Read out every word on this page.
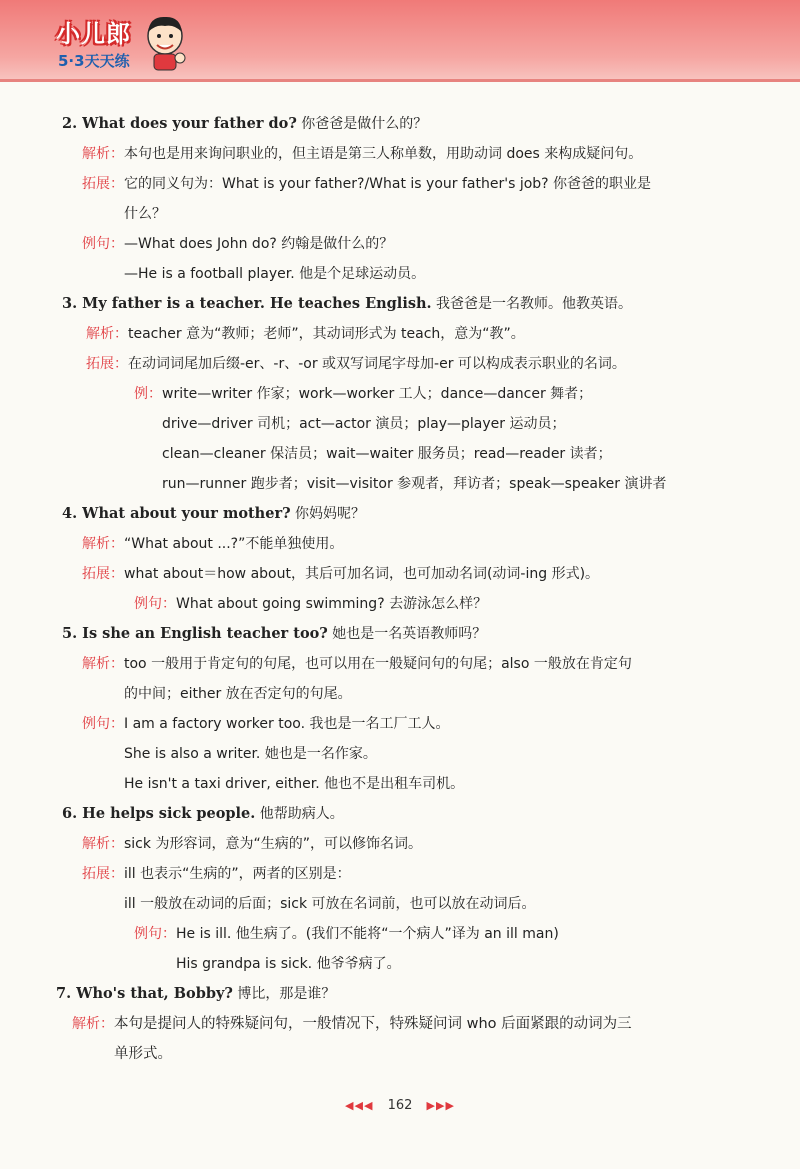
小儿郎
5·3天天练
2. What does your father do? 你爸爸是做什么的？
解析： 本句也是用来询问职业的，但主语是第三人称单数，用助动词 does 来构成疑问句。
拓展： 它的同义句为：What is your father?/What is your father's job? 你爸爸的职业是
什么？
例句： —What does John do? 约翰是做什么的？
—He is a football player. 他是个足球运动员。
3. My father is a teacher. He teaches English. 我爸爸是一名教师。他教英语。
解析： teacher 意为“教师；老师”，其动词形式为 teach，意为“教”。
拓展： 在动词词尾加后缀-er、-r、-or 或双写词尾字母加-er 可以构成表示职业的名词。
例： write—writer 作家；work—worker 工人；dance—dancer 舞者；
drive—driver 司机；act—actor 演员；play—player 运动员；
clean—cleaner 保洁员；wait—waiter 服务员；read—reader 读者；
run—runner 跑步者；visit—visitor 参观者，拜访者；speak—speaker 演讲者
4. What about your mother? 你妈妈呢？
解析： “What about ...?”不能单独使用。
拓展： what about＝how about，其后可加名词，也可加动名词(动词-ing 形式)。
例句： What about going swimming? 去游泳怎么样？
5. Is she an English teacher too? 她也是一名英语教师吗？
解析： too 一般用于肯定句的句尾，也可以用在一般疑问句的句尾；also 一般放在肯定句
的中间；either 放在否定句的句尾。
例句： I am a factory worker too. 我也是一名工厂工人。
She is also a writer. 她也是一名作家。
He isn't a taxi driver, either. 他也不是出租车司机。
6. He helps sick people. 他帮助病人。
解析： sick 为形容词，意为“生病的”，可以修饰名词。
拓展： ill 也表示“生病的”，两者的区别是：
ill 一般放在动词的后面；sick 可放在名词前，也可以放在动词后。
例句： He is ill. 他生病了。(我们不能将“一个病人”译为 an ill man)
His grandpa is sick. 他爷爷病了。
7. Who's that, Bobby? 博比，那是谁？
解析： 本句是提问人的特殊疑问句，一般情况下，特殊疑问词 who 后面紧跟的动词为三
单形式。
◀◀◀ 162 ▶▶▶
